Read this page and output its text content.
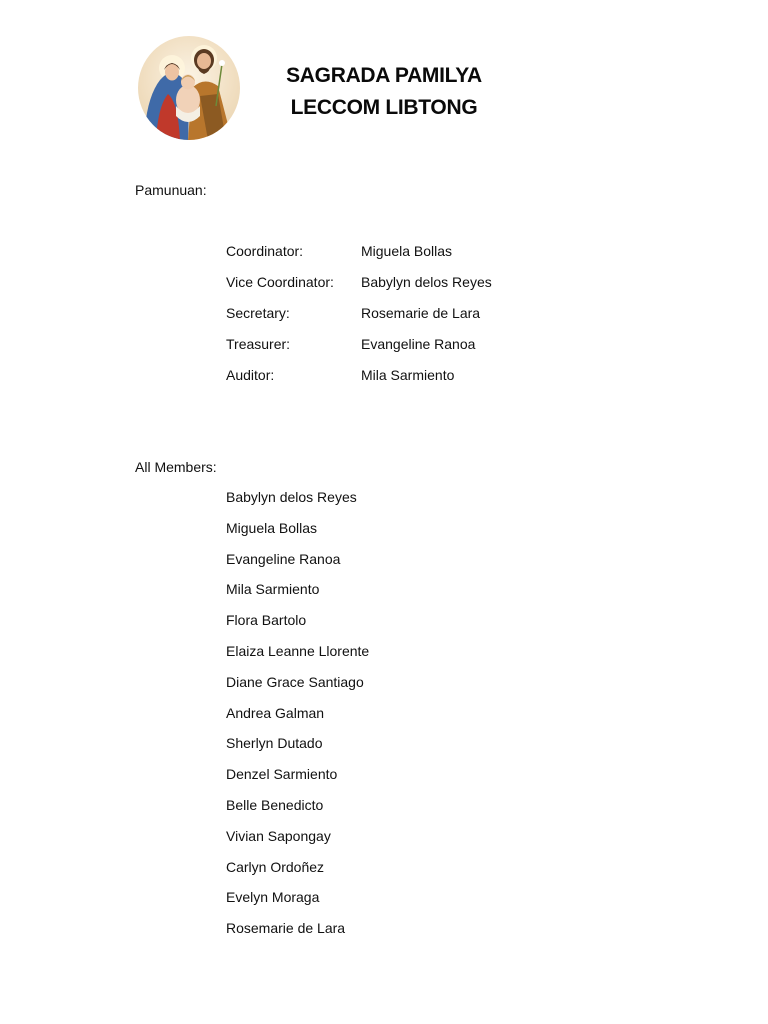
SAGRADA PAMILYA
LECCOM LIBTONG
Pamunuan:
Coordinator:	Miguela Bollas
Vice Coordinator: Babylyn delos Reyes
Secretary:	Rosemarie de Lara
Treasurer:	Evangeline Ranoa
Auditor:	Mila Sarmiento
All Members:
Babylyn delos Reyes
Miguela Bollas
Evangeline Ranoa
Mila Sarmiento
Flora Bartolo
Elaiza Leanne Llorente
Diane Grace Santiago
Andrea Galman
Sherlyn Dutado
Denzel Sarmiento
Belle Benedicto
Vivian Sapongay
Carlyn Ordoñez
Evelyn Moraga
Rosemarie de Lara
